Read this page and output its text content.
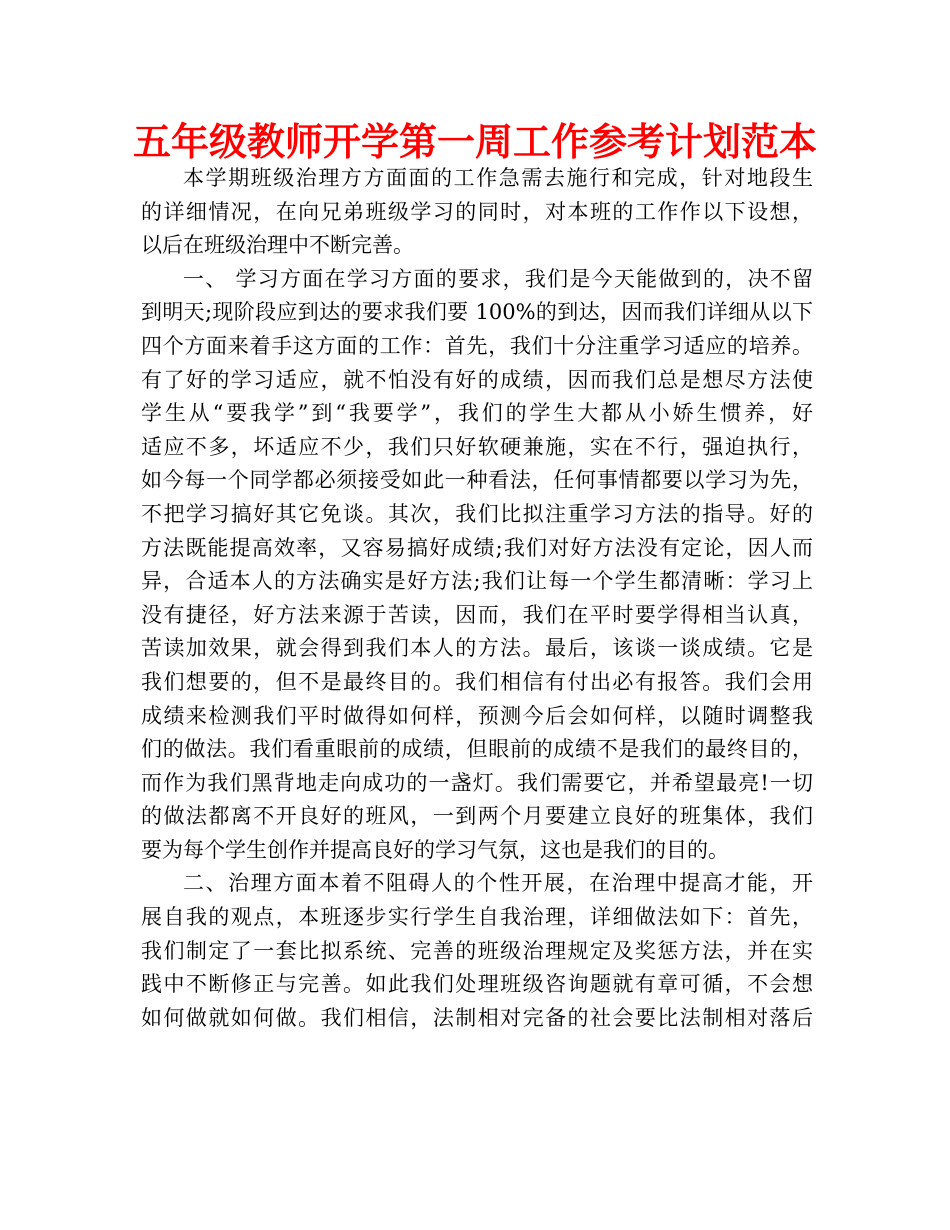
五年级教师开学第一周工作参考计划范本
本学期班级治理方方面面的工作急需去施行和完成，针对地段生
的详细情况，在向兄弟班级学习的同时，对本班的工作作以下设想，
以后在班级治理中不断完善。
一、 学习方面在学习方面的要求，我们是今天能做到的，决不留
到明天;现阶段应到达的要求我们要 100%的到达，因而我们详细从以下
四个方面来着手这方面的工作：首先，我们十分注重学习适应的培养。
有了好的学习适应，就不怕没有好的成绩，因而我们总是想尽方法使
学生从“要我学”到“我要学”，我们的学生大都从小娇生惯养，好
适应不多，坏适应不少，我们只好软硬兼施，实在不行，强迫执行，
如今每一个同学都必须接受如此一种看法，任何事情都要以学习为先，
不把学习搞好其它免谈。其次，我们比拟注重学习方法的指导。好的
方法既能提高效率，又容易搞好成绩;我们对好方法没有定论，因人而
异，合适本人的方法确实是好方法;我们让每一个学生都清晰：学习上
没有捷径，好方法来源于苦读，因而，我们在平时要学得相当认真，
苦读加效果，就会得到我们本人的方法。最后，该谈一谈成绩。它是
我们想要的，但不是最终目的。我们相信有付出必有报答。我们会用
成绩来检测我们平时做得如何样，预测今后会如何样，以随时调整我
们的做法。我们看重眼前的成绩，但眼前的成绩不是我们的最终目的，
而作为我们黑背地走向成功的一盏灯。我们需要它，并希望最亮!一切
的做法都离不开良好的班风，一到两个月要建立良好的班集体，我们
要为每个学生创作并提高良好的学习气氛，这也是我们的目的。
二、治理方面本着不阻碍人的个性开展，在治理中提高才能，开
展自我的观点，本班逐步实行学生自我治理，详细做法如下：首先，
我们制定了一套比拟系统、完善的班级治理规定及奖惩方法，并在实
践中不断修正与完善。如此我们处理班级咨询题就有章可循，不会想
如何做就如何做。我们相信，法制相对完备的社会要比法制相对落后
